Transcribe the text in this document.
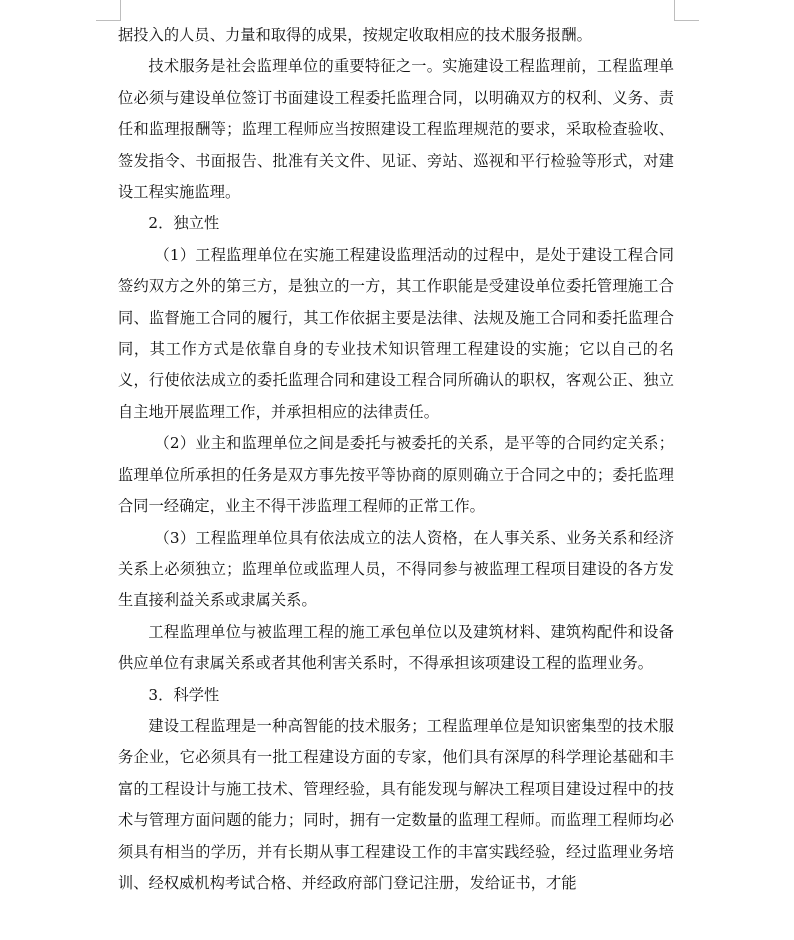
据投入的人员、力量和取得的成果，按规定收取相应的技术服务报酬。

技术服务是社会监理单位的重要特征之一。实施建设工程监理前，工程监理单位必须与建设单位签订书面建设工程委托监理合同，以明确双方的权利、义务、责任和监理报酬等；监理工程师应当按照建设工程监理规范的要求，采取检查验收、签发指令、书面报告、批准有关文件、见证、旁站、巡视和平行检验等形式，对建设工程实施监理。

2．独立性

（1）工程监理单位在实施工程建设监理活动的过程中，是处于建设工程合同签约双方之外的第三方，是独立的一方，其工作职能是受建设单位委托管理施工合同、监督施工合同的履行，其工作依据主要是法律、法规及施工合同和委托监理合同，其工作方式是依靠自身的专业技术知识管理工程建设的实施；它以自己的名义，行使依法成立的委托监理合同和建设工程合同所确认的职权，客观公正、独立自主地开展监理工作，并承担相应的法律责任。

（2）业主和监理单位之间是委托与被委托的关系，是平等的合同约定关系；监理单位所承担的任务是双方事先按平等协商的原则确立于合同之中的；委托监理合同一经确定，业主不得干涉监理工程师的正常工作。

（3）工程监理单位具有依法成立的法人资格，在人事关系、业务关系和经济关系上必须独立；监理单位或监理人员，不得同参与被监理工程项目建设的各方发生直接利益关系或隶属关系。

工程监理单位与被监理工程的施工承包单位以及建筑材料、建筑构配件和设备供应单位有隶属关系或者其他利害关系时，不得承担该项建设工程的监理业务。

3．科学性

建设工程监理是一种高智能的技术服务；工程监理单位是知识密集型的技术服务企业，它必须具有一批工程建设方面的专家，他们具有深厚的科学理论基础和丰富的工程设计与施工技术、管理经验，具有能发现与解决工程项目建设过程中的技术与管理方面问题的能力；同时，拥有一定数量的监理工程师。而监理工程师均必须具有相当的学历，并有长期从事工程建设工作的丰富实践经验，经过监理业务培训、经权威机构考试合格、并经政府部门登记注册，发给证书，才能
